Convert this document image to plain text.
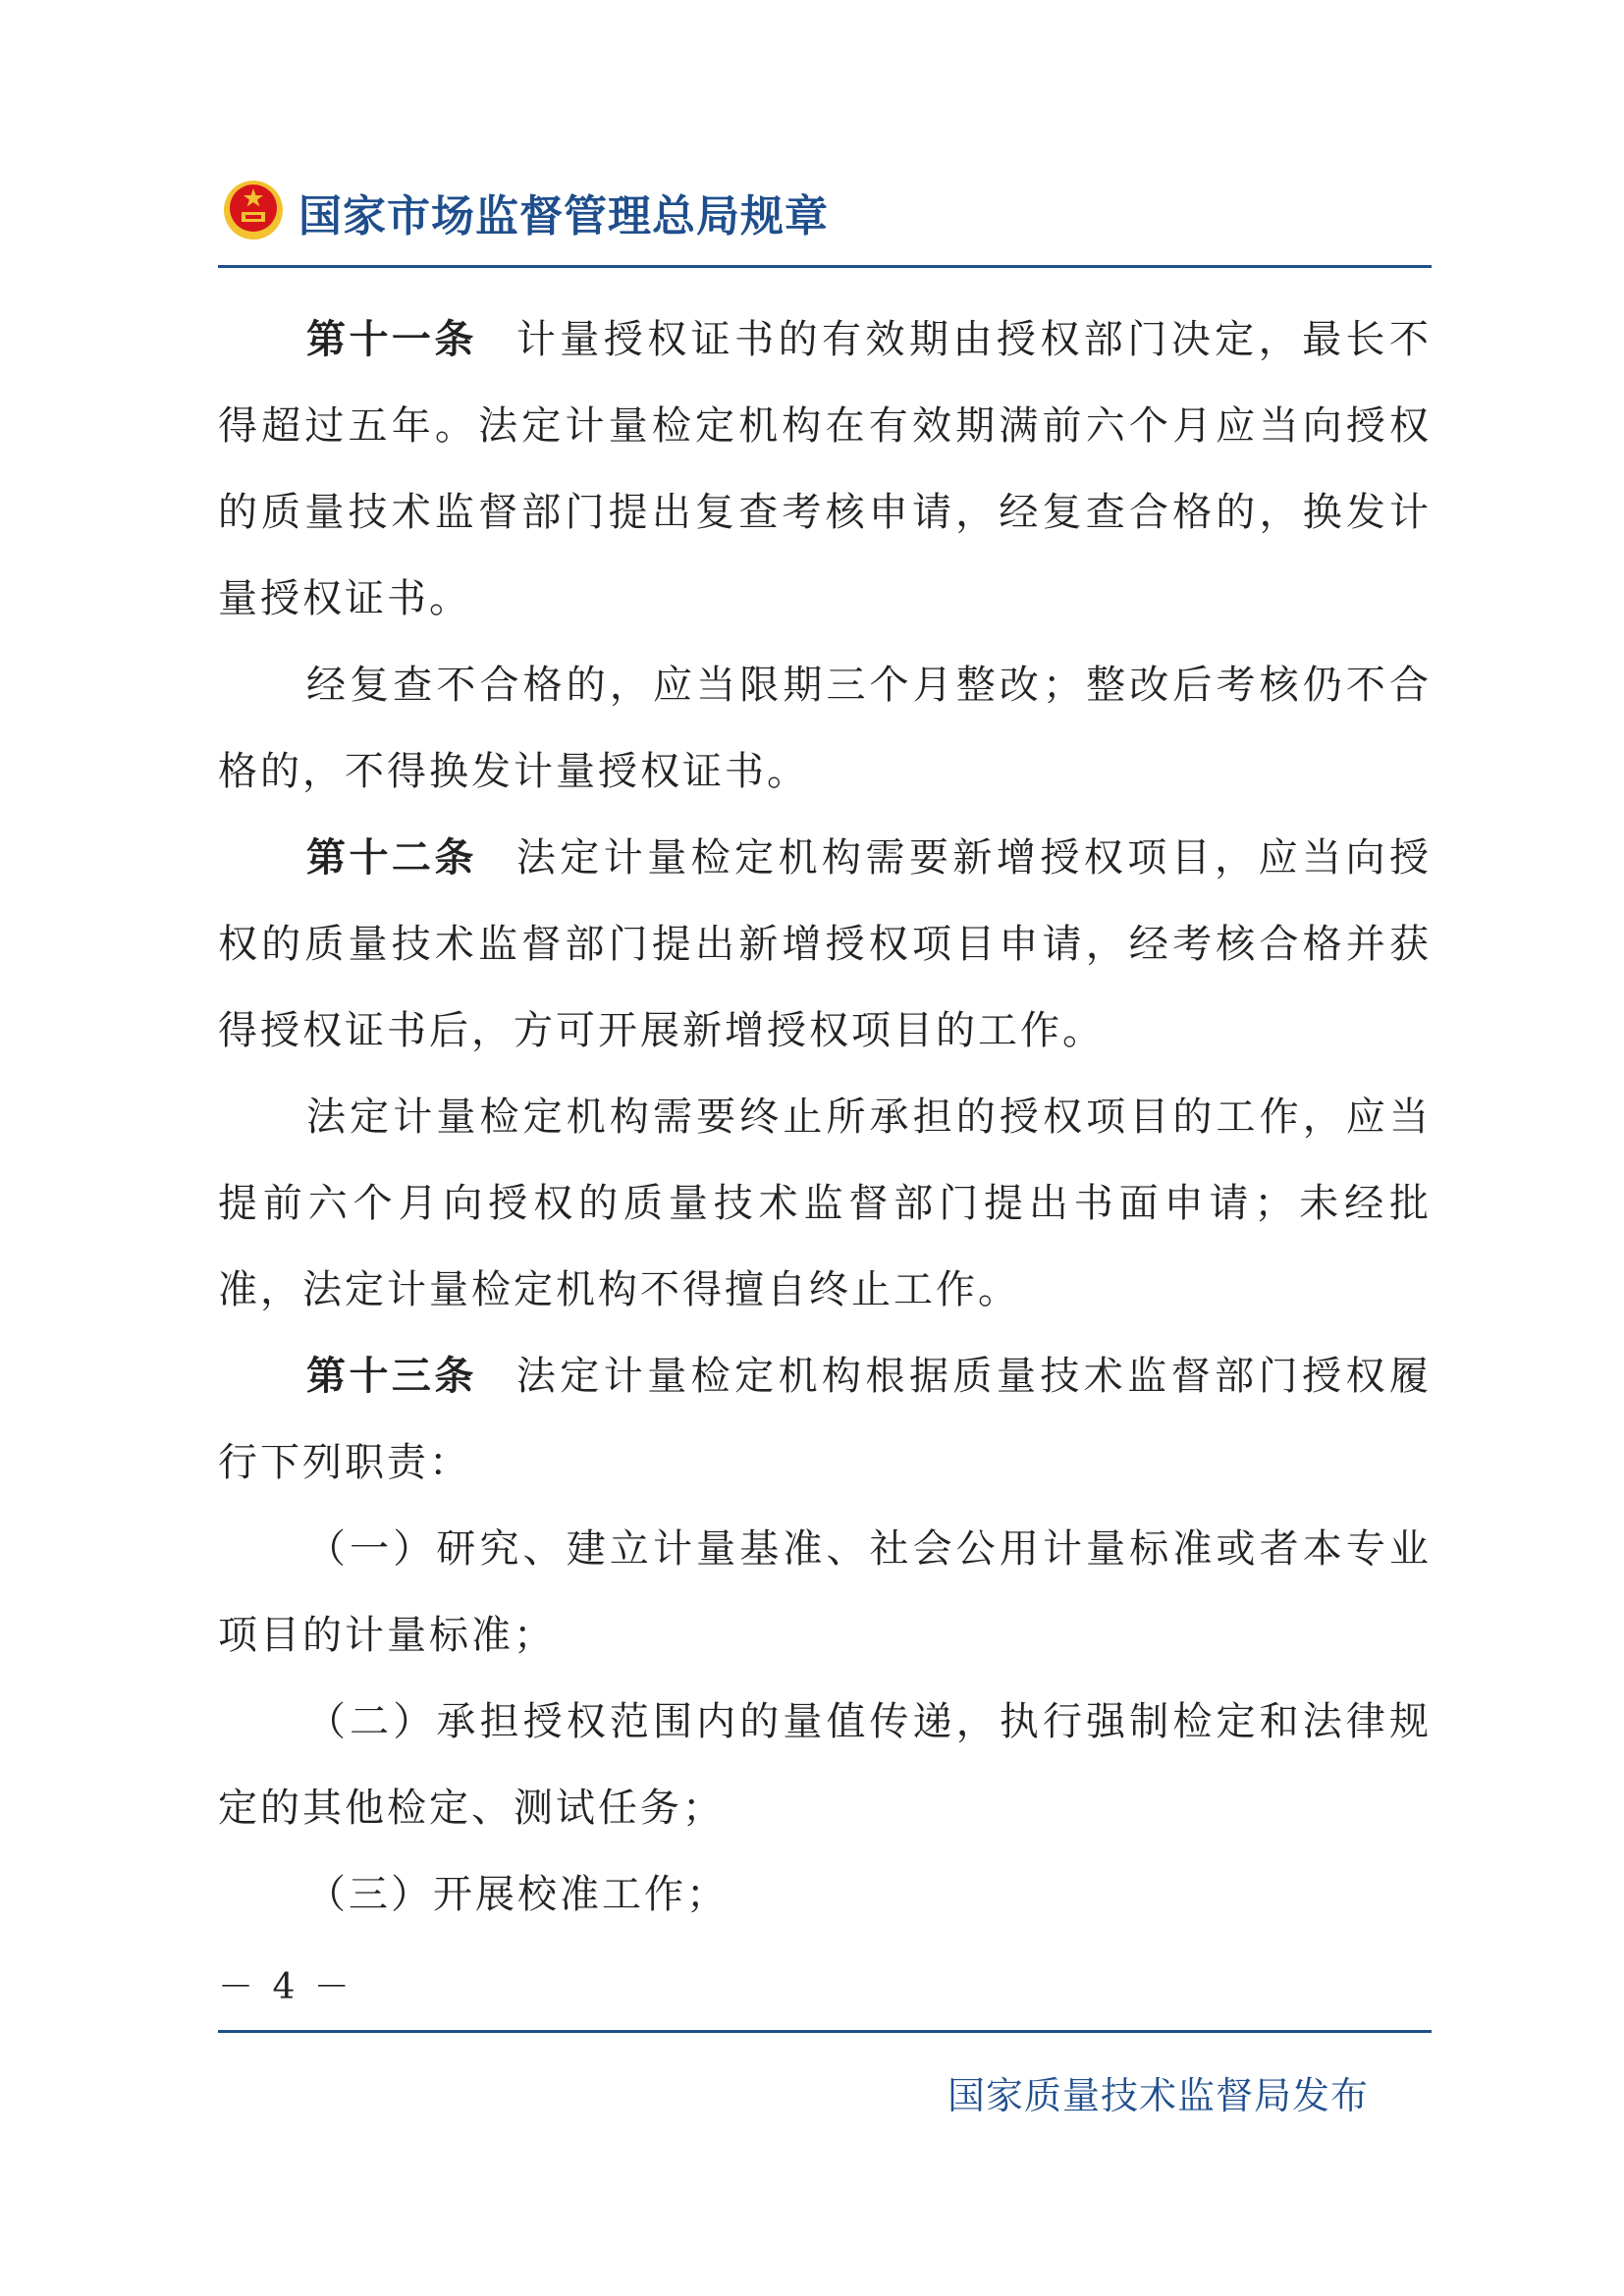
国家市场监督管理总局规章

第十一条 计量授权证书的有效期由授权部门决定，最长不得超过五年。法定计量检定机构在有效期满前六个月应当向授权的质量技术监督部门提出复查考核申请，经复查合格的，换发计量授权证书。

经复查不合格的，应当限期三个月整改；整改后考核仍不合格的，不得换发计量授权证书。

第十二条 法定计量检定机构需要新增授权项目，应当向授权的质量技术监督部门提出新增授权项目申请，经考核合格并获得授权证书后，方可开展新增授权项目的工作。

法定计量检定机构需要终止所承担的授权项目的工作，应当提前六个月向授权的质量技术监督部门提出书面申请；未经批准，法定计量检定机构不得擅自终止工作。

第十三条 法定计量检定机构根据质量技术监督部门授权履行下列职责：

（一）研究、建立计量基准、社会公用计量标准或者本专业项目的计量标准；

（二）承担授权范围内的量值传递，执行强制检定和法律规定的其他检定、测试任务；

（三）开展校准工作；

－ 4 －
国家质量技术监督局发布
